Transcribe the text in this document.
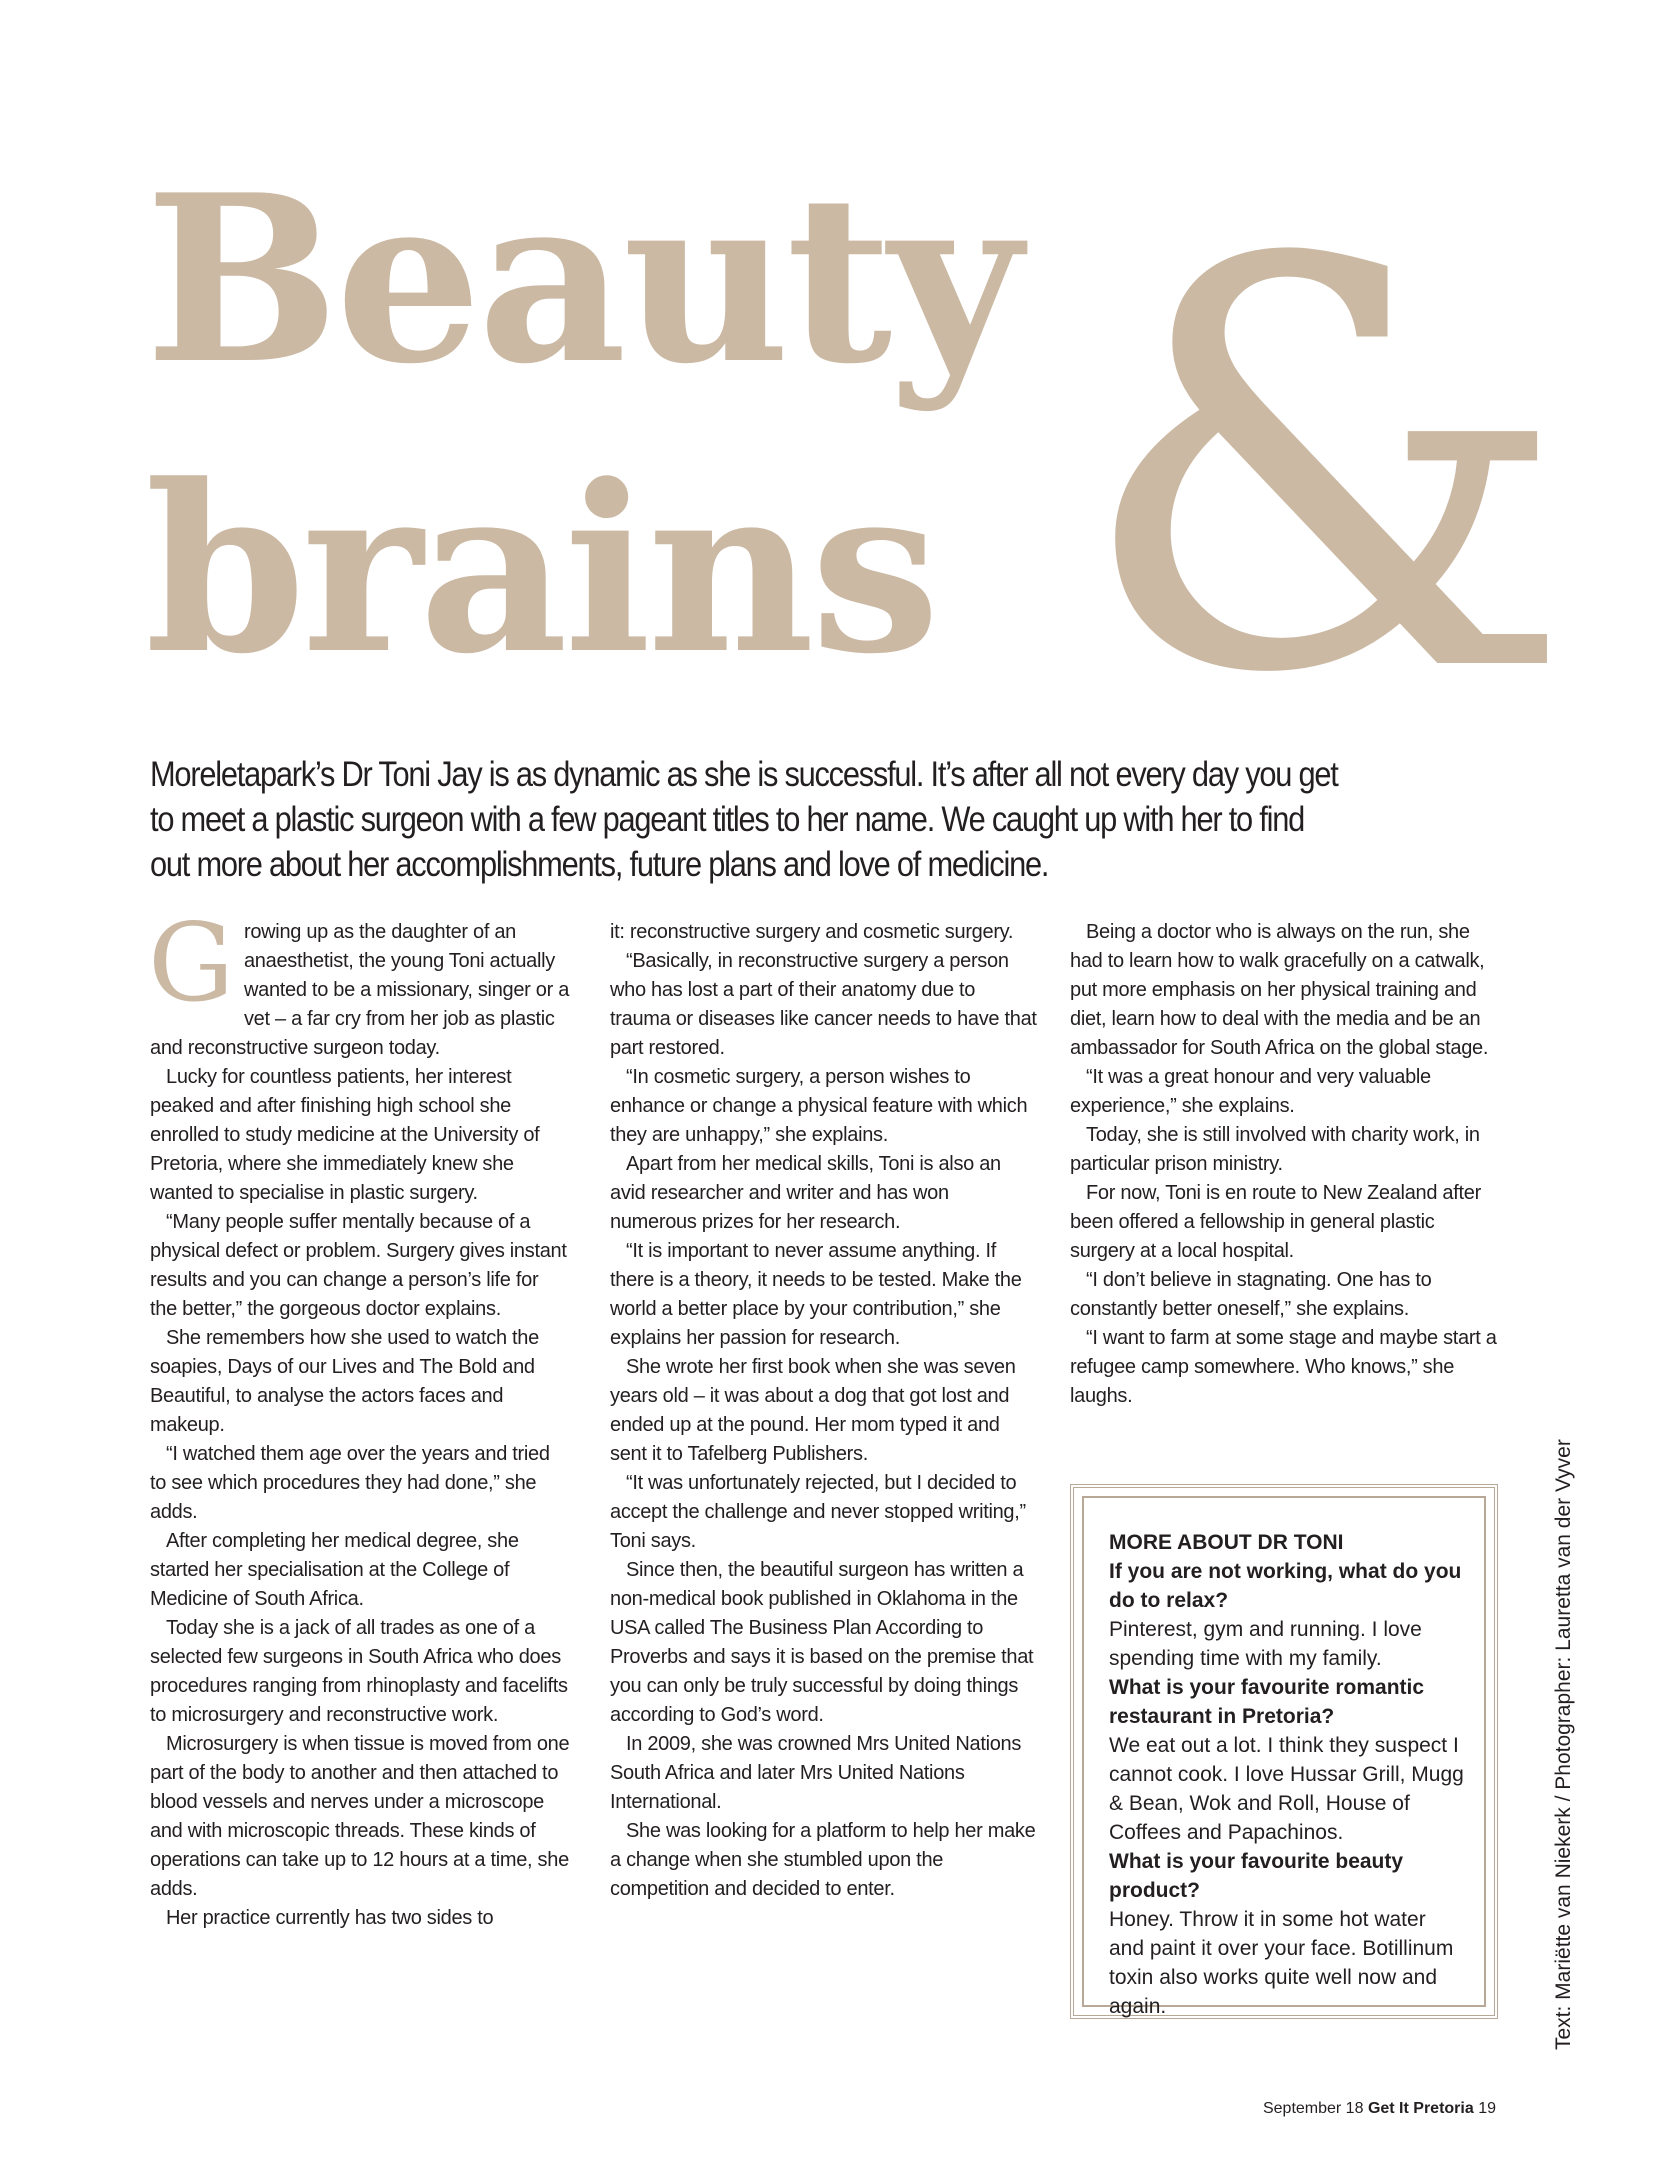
Beauty &
brains

Moreletapark’s Dr Toni Jay is as dynamic as she is successful. It’s after all not every day you get to meet a plastic surgeon with a few pageant titles to her name. We caught up with her to find out more about her accomplishments, future plans and love of medicine.

Growing up as the daughter of an anaesthetist, the young Toni actually wanted to be a missionary, singer or a vet – a far cry from her job as plastic and reconstructive surgeon today.

Lucky for countless patients, her interest peaked and after finishing high school she enrolled to study medicine at the University of Pretoria, where she immediately knew she wanted to specialise in plastic surgery.

“Many people suffer mentally because of a physical defect or problem. Surgery gives instant results and you can change a person’s life for the better,” the gorgeous doctor explains.

She remembers how she used to watch the soapies, Days of our Lives and The Bold and Beautiful, to analyse the actors faces and makeup.

“I watched them age over the years and tried to see which procedures they had done,” she adds.

After completing her medical degree, she started her specialisation at the College of Medicine of South Africa.

Today she is a jack of all trades as one of a selected few surgeons in South Africa who does procedures ranging from rhinoplasty and facelifts to microsurgery and reconstructive work.

Microsurgery is when tissue is moved from one part of the body to another and then attached to blood vessels and nerves under a microscope and with microscopic threads. These kinds of operations can take up to 12 hours at a time, she adds.

Her practice currently has two sides to

it: reconstructive surgery and cosmetic surgery.

“Basically, in reconstructive surgery a person who has lost a part of their anatomy due to trauma or diseases like cancer needs to have that part restored.

“In cosmetic surgery, a person wishes to enhance or change a physical feature with which they are unhappy,” she explains.

Apart from her medical skills, Toni is also an avid researcher and writer and has won numerous prizes for her research.

“It is important to never assume anything. If there is a theory, it needs to be tested. Make the world a better place by your contribution,” she explains her passion for research.

She wrote her first book when she was seven years old – it was about a dog that got lost and ended up at the pound. Her mom typed it and sent it to Tafelberg Publishers.

“It was unfortunately rejected, but I decided to accept the challenge and never stopped writing,” Toni says.

Since then, the beautiful surgeon has written a non-medical book published in Oklahoma in the USA called The Business Plan According to Proverbs and says it is based on the premise that you can only be truly successful by doing things according to God’s word.

In 2009, she was crowned Mrs United Nations South Africa and later Mrs United Nations International.

She was looking for a platform to help her make a change when she stumbled upon the competition and decided to enter.

Being a doctor who is always on the run, she had to learn how to walk gracefully on a catwalk, put more emphasis on her physical training and diet, learn how to deal with the media and be an ambassador for South Africa on the global stage.

“It was a great honour and very valuable experience,” she explains.

Today, she is still involved with charity work, in particular prison ministry.

For now, Toni is en route to New Zealand after been offered a fellowship in general plastic surgery at a local hospital.

“I don’t believe in stagnating. One has to constantly better oneself,” she explains.

“I want to farm at some stage and maybe start a refugee camp somewhere. Who knows,” she laughs.

MORE ABOUT DR TONI

If you are not working, what do you do to relax?

Pinterest, gym and running. I love spending time with my family.

What is your favourite romantic restaurant in Pretoria?

We eat out a lot. I think they suspect I cannot cook. I love Hussar Grill, Mugg & Bean, Wok and Roll, House of Coffees and Papachinos.

What is your favourite beauty product?

Honey. Throw it in some hot water and paint it over your face. Botillinum toxin also works quite well now and again.	Text: Mariëtte van Niekerk / Photographer: Lauretta van der Vyver
September 18 Get It Pretoria 19
